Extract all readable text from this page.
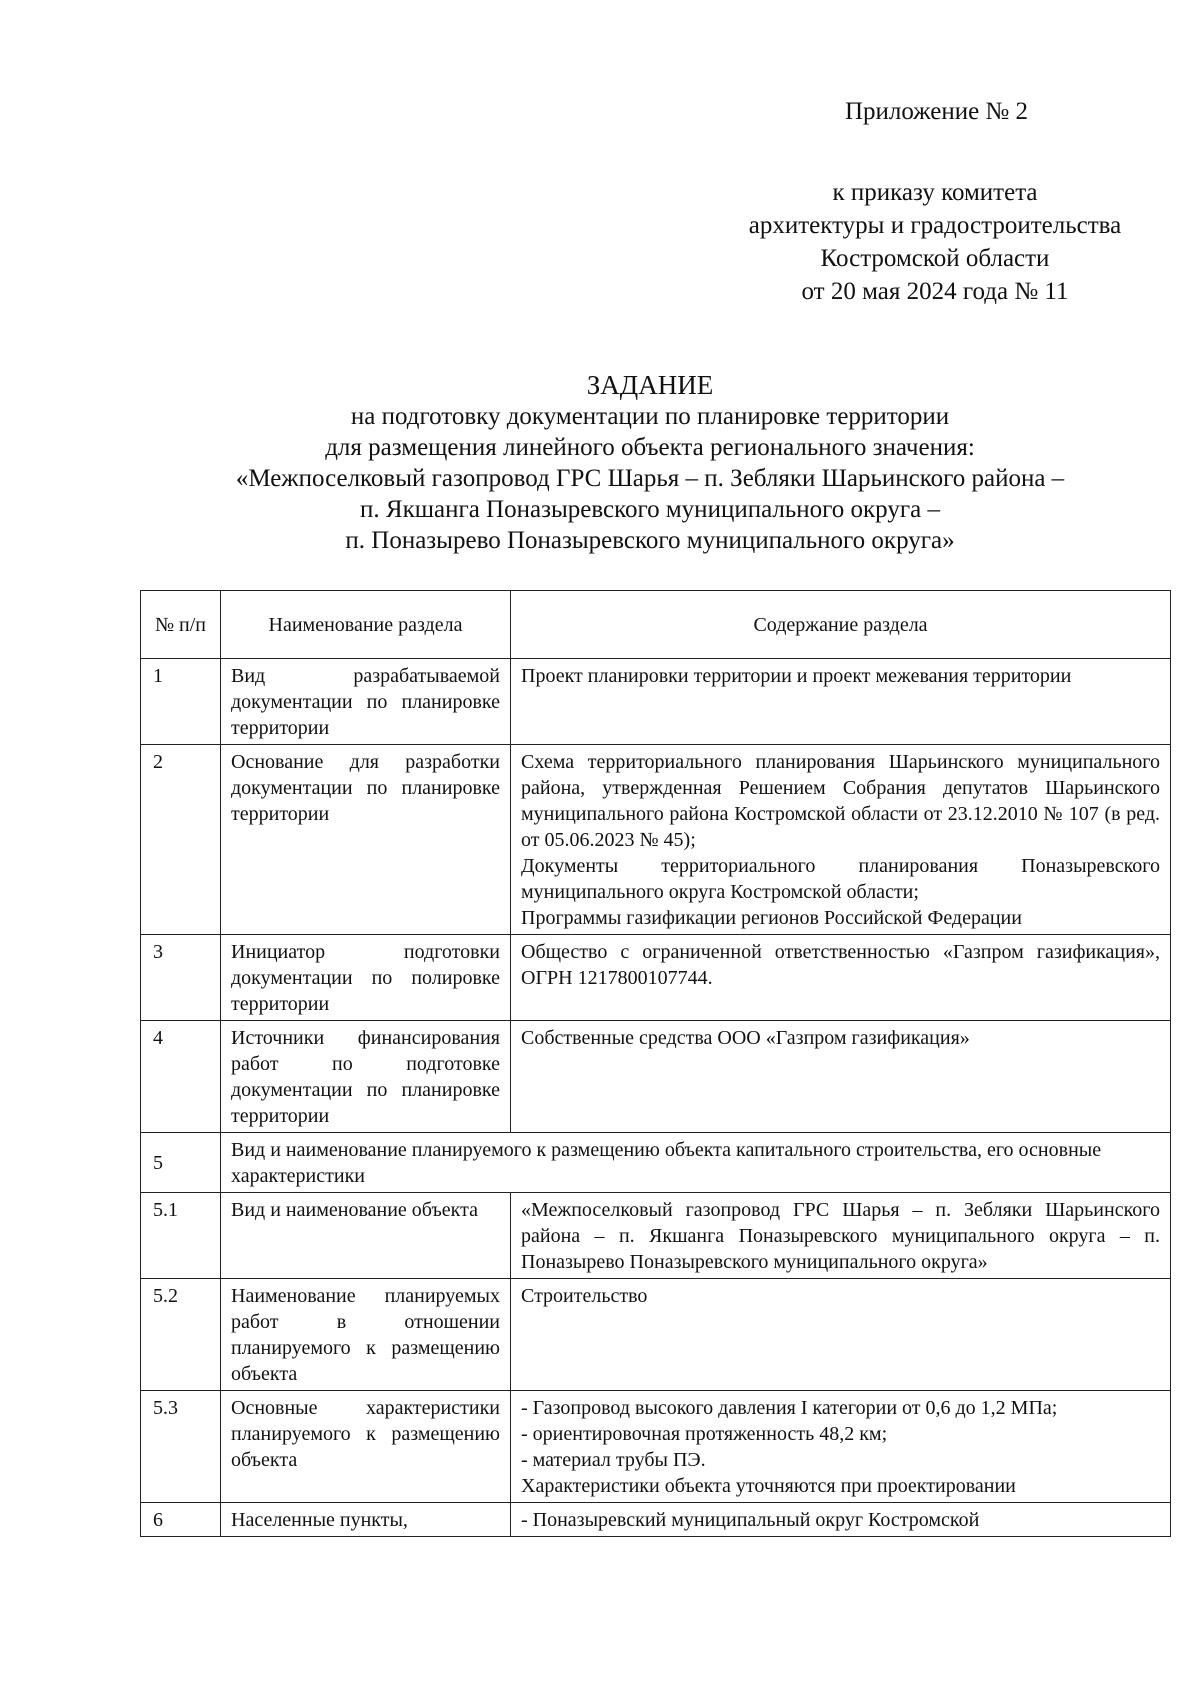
Приложение № 2
к приказу комитета
архитектуры и градостроительства
Костромской области
от 20 мая 2024 года № 11
ЗАДАНИЕ
на подготовку документации по планировке территории
для размещения линейного объекта регионального значения:
«Межпоселковый газопровод ГРС Шарья – п. Зебляки Шарьинского района –
п. Якшанга Поназыревского муниципального округа –
п. Поназырево Поназыревского муниципального округа»
№ п/п	Наименование раздела	Содержание раздела
1	Вид разрабатываемой документации по планировке территории	Проект планировки территории и проект межевания территории

2	Основание для разработки документации по планировке территории	Схема территориального планирования Шарьинского муниципального района, утвержденная Решением Собрания депутатов Шарьинского муниципального района Костромской области от 23.12.2010 № 107 (в ред. от 05.06.2023 № 45);
Документы территориального планирования Поназыревского муниципального округа Костромской области;
Программы газификации регионов Российской Федерации

3	Инициатор подготовки документации по полировке территории	Общество с ограниченной ответственностью «Газпром газификация», ОГРН 1217800107744.

4	Источники финансирования работ по подготовке документации по планировке территории	Собственные средства ООО «Газпром газификация»

5	Вид и наименование планируемого к размещению объекта капитального строительства, его основные характеристики	
5.1	Вид и наименование объекта	«Межпоселковый газопровод ГРС Шарья – п. Зебляки Шарьинского района – п. Якшанга Поназыревского муниципального округа – п. Поназырево Поназыревского муниципального округа»

5.2	Наименование планируемых работ в отношении планируемого к размещению объекта	Строительство

5.3	Основные характеристики планируемого к размещению объекта	- Газопровод высокого давления I категории от 0,6 до 1,2 МПа;
- ориентировочная протяженность 48,2 км;
- материал трубы ПЭ.
Характеристики объекта уточняются при проектировании

6	Населенные пункты,	- Поназыревский муниципальный округ Костромской
